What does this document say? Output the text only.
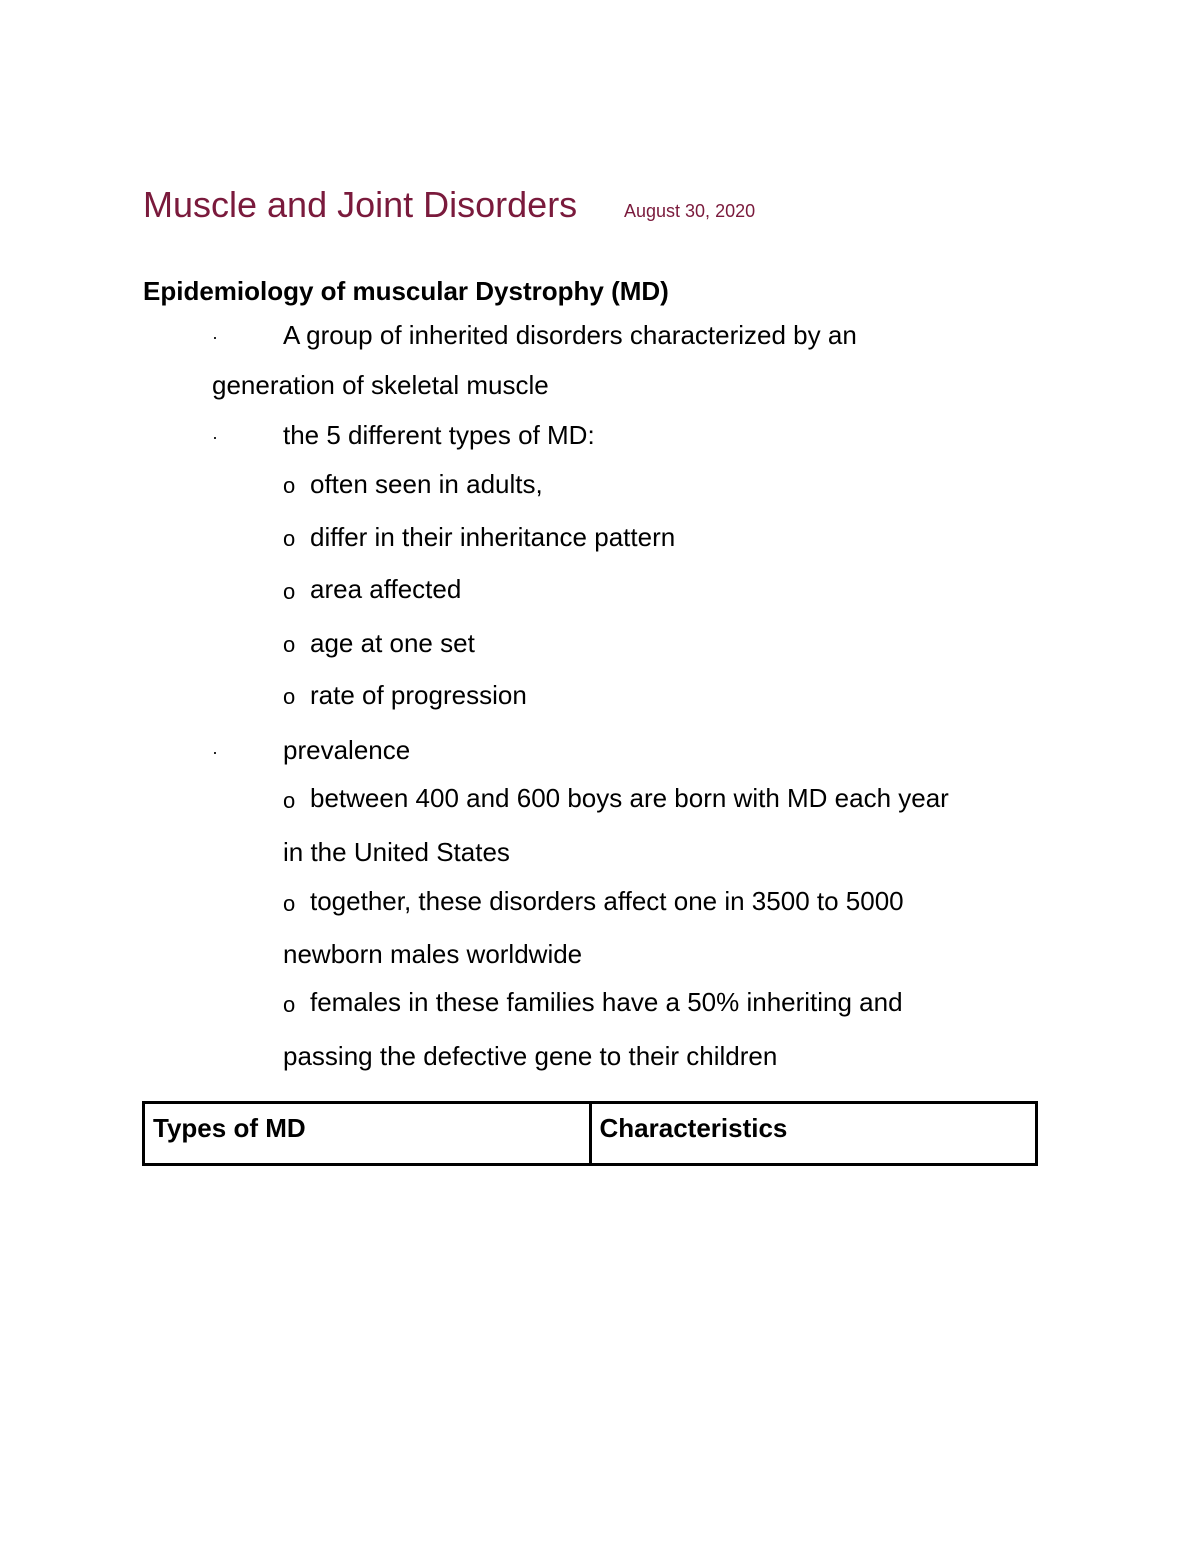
Muscle and Joint Disorders	August 30, 2020
Epidemiology of muscular Dystrophy (MD)
·	A group of inherited disorders characterized by an
generation of skeletal muscle
·	the 5 different types of MD:
o often seen in adults,
o differ in their inheritance pattern
o area affected
o age at one set
o rate of progression
·	prevalence
o between 400 and 600 boys are born with MD each year
in the United States
o together, these disorders affect one in 3500 to 5000
newborn males worldwide
o females in these families have a 50% inheriting and
passing the defective gene to their children
Types of MD	Characteristics
